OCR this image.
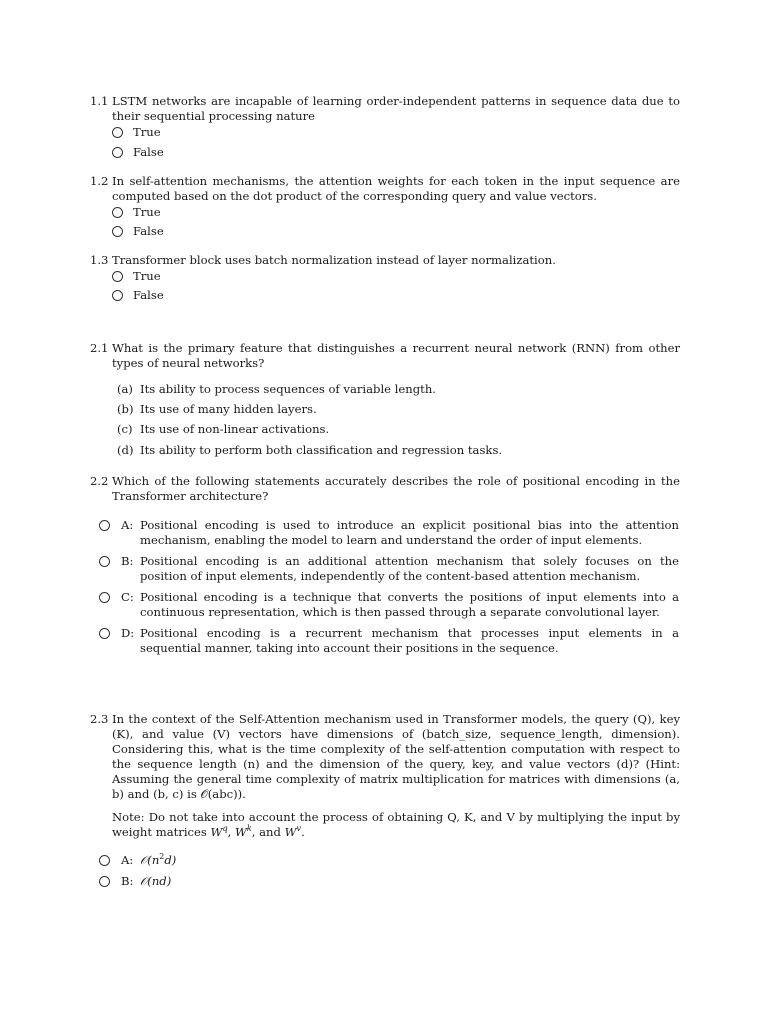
1.1 LSTM networks are incapable of learning order-independent patterns in sequence data due to their sequential processing nature
True
False
1.2 In self-attention mechanisms, the attention weights for each token in the input sequence are computed based on the dot product of the corresponding query and value vectors.
True
False
1.3 Transformer block uses batch normalization instead of layer normalization.
True
False
2.1 What is the primary feature that distinguishes a recurrent neural network (RNN) from other types of neural networks?
(a) Its ability to process sequences of variable length.
(b) Its use of many hidden layers.
(c) Its use of non-linear activations.
(d) Its ability to perform both classification and regression tasks.
2.2 Which of the following statements accurately describes the role of positional encoding in the Transformer architecture?
A: Positional encoding is used to introduce an explicit positional bias into the attention mechanism, enabling the model to learn and understand the order of input elements.
B: Positional encoding is an additional attention mechanism that solely focuses on the position of input elements, independently of the content-based attention mechanism.
C: Positional encoding is a technique that converts the positions of input elements into a continuous representation, which is then passed through a separate convolutional layer.
D: Positional encoding is a recurrent mechanism that processes input elements in a sequential manner, taking into account their positions in the sequence.
2.3 In the context of the Self-Attention mechanism used in Transformer models, the query (Q), key (K), and value (V) vectors have dimensions of (batch_size, sequence_length, dimension). Considering this, what is the time complexity of the self-attention computation with respect to the sequence length (n) and the dimension of the query, key, and value vectors (d)? (Hint: Assuming the general time complexity of matrix multiplication for matrices with dimensions (a, b) and (b, c) is 𝒪(abc)).
Note: Do not take into account the process of obtaining Q, K, and V by multiplying the input by weight matrices $W^q$, $W^k$, and $W^v$.
A: $𝒪(n^2d)$
B: 𝒪(nd)
